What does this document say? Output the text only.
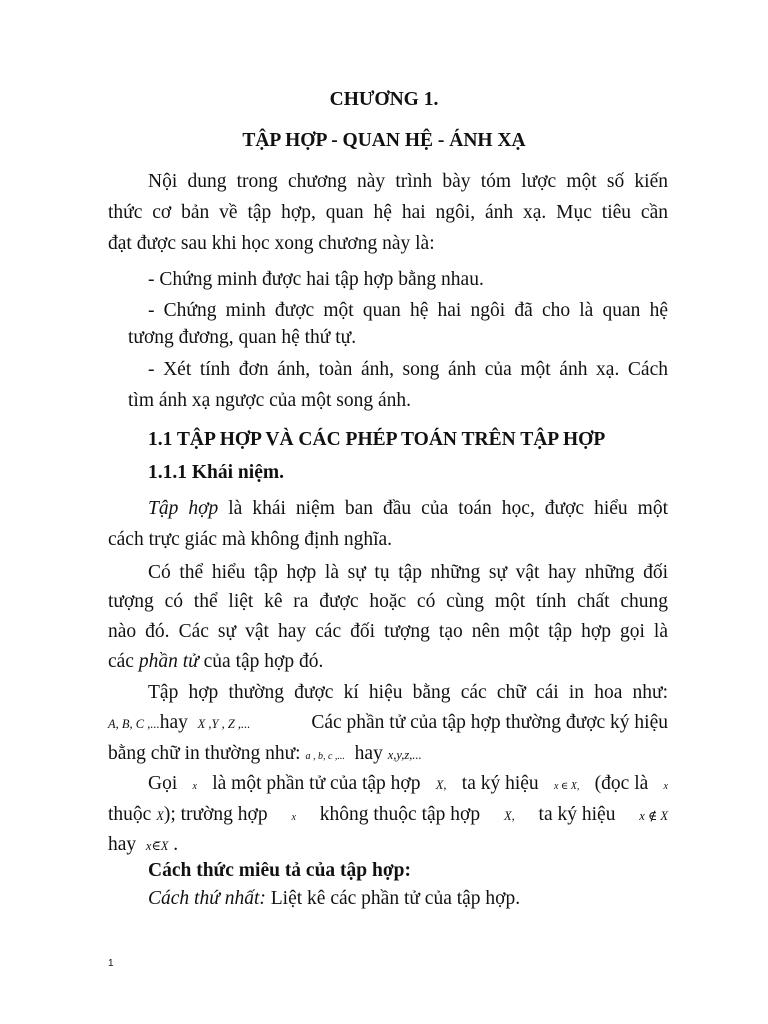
CHƯƠNG 1.
TẬP HỢP - QUAN HỆ - ÁNH XẠ
Nội dung trong chương này trình bày tóm lược một số kiến
thức cơ bản về tập hợp, quan hệ hai ngôi, ánh xạ. Mục tiêu cần
đạt được sau khi học xong chương này là:
- Chứng minh được hai tập hợp bằng nhau.
- Chứng minh được một quan hệ hai ngôi đã cho là quan hệ
tương đương, quan hệ thứ tự.
- Xét tính đơn ánh, toàn ánh, song ánh của một ánh xạ. Cách
tìm ánh xạ ngược của một song ánh.
1.1 TẬP HỢP VÀ CÁC PHÉP TOÁN TRÊN TẬP HỢP
1.1.1 Khái niệm.
Tập hợp là khái niệm ban đầu của toán học, được hiểu một
cách trực giác mà không định nghĩa.
Có thể hiểu tập hợp là sự tụ tập những sự vật hay những đối
tượng có thể liệt kê ra được hoặc có cùng một tính chất chung
nào đó. Các sự vật hay các đối tượng tạo nên một tập hợp gọi là
các phần tử của tập hợp đó.
Tập hợp thường được kí hiệu bằng các chữ cái in hoa như:
A, B, C ,...hay X ,Y , Z ,...	Các phần tử của tập hợp thường được ký hiệu
bằng chữ in thường như: a , b, c ,... hay x,y,z,...
Gọi x là một phần tử của tập hợp X, ta ký hiệu x ∈ X, (đọc là x
thuộc X); trường hợp x không thuộc tập hợp X, ta ký hiệu x ∉ X
hay x∈̅X .
Cách thức miêu tả của tập hợp:
Cách thứ nhất: Liệt kê các phần tử của tập hợp.
1
